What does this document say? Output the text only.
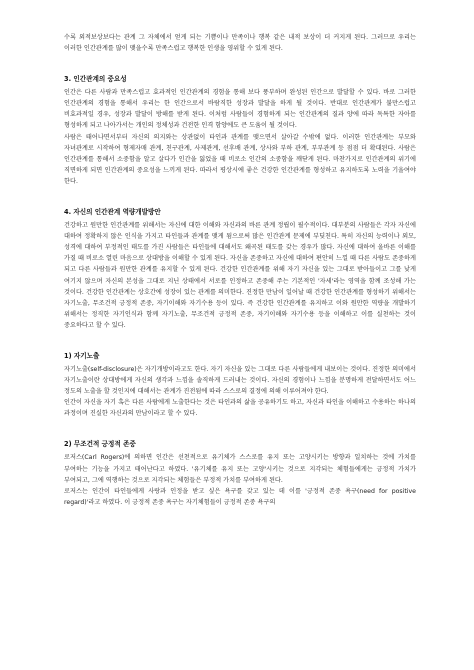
수록 외적보상보다는 관계 그 자체에서 얻게 되는 기쁨이나 만족이나 행복 같은 내적 보상이 더 커지게 된다. 그러므로 우리는 이러한 인간관계를 많이 맺을수록 만족스럽고 행복한 인생을 영위할 수 있게 된다.

3. 인간관계의 중요성

인간은 다른 사람과 만족스럽고 효과적인 인간관계의 경험을 통해 보다 풍부하며 완성된 인간으로 발달할 수 있다. 바로 그러한 인간관계의 경험을 통해서 우리는 한 인간으로서 바람직한 성장과 발달을 하게 될 것이다. 반대로 인간관계가 불만스럽고 비효과적일 경우, 성장과 발달이 방해를 받게 된다. 이처럼 사람들이 경험하게 되는 인간관계의 질과 양에 따라 독특한 자아를 형성하게 되고 나아가서는 개인의 정체성과 건전한 인격 함양에도 큰 도움이 될 것이다.

사람은 태어나면서부터 자신의 의지와는 상관없이 타인과 관계를 맺으면서 살아갈 수밖에 없다. 이러한 인간관계는 부모와 자녀관계로 시작하여 형제자매 관계, 친구관계, 사제관계, 선후배 관계, 상사와 부하 관계, 부부관계 등 점점 더 확대된다. 사람은 인간관계를 통해서 소중함을 알고 살다가 인간을 잃었을 때 비로소 인간의 소중함을 깨닫게 된다. 마찬가지로 인간관계의 위기에 직면하게 되면 인간관계의 중요성을 느끼게 된다. 따라서 평상시에 좋은 건강한 인간관계를 형성하고 유지하도록 노력을 기울여야 한다.

4. 자신의 인간관계 역량개발방안

건강하고 원만한 인간관계를 위해서는 자신에 대한 이해와 자신과의 바른 관계 정립이 필수적이다. 대부분의 사람들은 각자 자신에 대하여 정확하지 않은 인식을 가지고 타인들과 관계를 맺게 됨으로써 많은 인간관계 문제에 부딪친다. 특히 자신의 능력이나 외모, 성격에 대하여 부정적인 태도를 가진 사람들은 타인들에 대해서도 왜곡된 태도를 갖는 경우가 많다. 자신에 대하여 올바른 이해를 가질 때 비로소 열린 마음으로 상대방을 이해할 수 있게 된다. 자신을 존중하고 자신에 대하여 편안히 느낄 때 다른 사람도 존중하게 되고 다른 사람들과 원만한 관계를 유지할 수 있게 된다. 건강한 인간관계를 위해 자기 자신을 있는 그대로 받아들이고 그를 낮게 여기지 않으며 자신의 본성을 그대로 지닌 상태에서 서로를 인정하고 존중해 주는 기본적인 '자세'라는 영역을 함께 조성해 가는 것이다. 건강한 인간관계는 상호간에 성장이 있는 관계를 의미한다. 진정한 만남이 일어날 때 건강한 인간관계를 형성하기 위해서는 자기노출, 무조건적 긍정적 존중, 자기이해와 자기수용 등이 있다. 즉 건강한 인간관계를 유지하고 이와 원만한 역량을 개발하기 위해서는 정직한 자기인식과 함께 자기노출, 무조건적 긍정적 존중, 자기이해와 자기수용 등을 이해하고 이를 실천하는 것이 중요하다고 할 수 있다.

1) 자기노출

자기노출(self-disclosure)은 자기개방이라고도 한다. 자기 자신을 있는 그대로 다른 사람들에게 내보이는 것이다. 진정한 의미에서 자기노출이란 상대방에게 자신의 생각과 느낌을 솔직하게 드러내는 것이다. 자신의 경험이나 느낌을 분명하게 전달하면서도 어느 정도의 노출을 할 것인지에 대해서는 관계가 진전됨에 따라 스스로의 결정에 의해 이루어져야 한다.

인간이 자신을 자기 혹은 다른 사람에게 노출한다는 것은 타인과의 삶을 공유하기도 하고, 자신과 타인을 이해하고 수용하는 하나의 과정이며 진실한 자신과의 만남이라고 할 수 있다.

2) 무조건적 긍정적 존중

로저스(Carl Rogers)에 의하면 인간은 선천적으로 유기체가 스스로를 유지 또는 고양시키는 방향과 일치하는 것에 가치를 부여하는 기능을 가지고 태어난다고 하였다. '유기체를 유지 또는 고양'시키는 것으로 지각되는 체험들에게는 긍정적 가치가 부여되고, 그에 역행하는 것으로 지각되는 체험들은 부정적 가치를 부여하게 된다.

로저스는 인간이 타인들에게 사랑과 인정을 받고 싶은 욕구를 갖고 있는 데 이를 '긍정적 존중 욕구(need for positive regard)'라고 하였다. 이 긍정적 존중 욕구는 자기체험들이 긍정적 존중 욕구의
